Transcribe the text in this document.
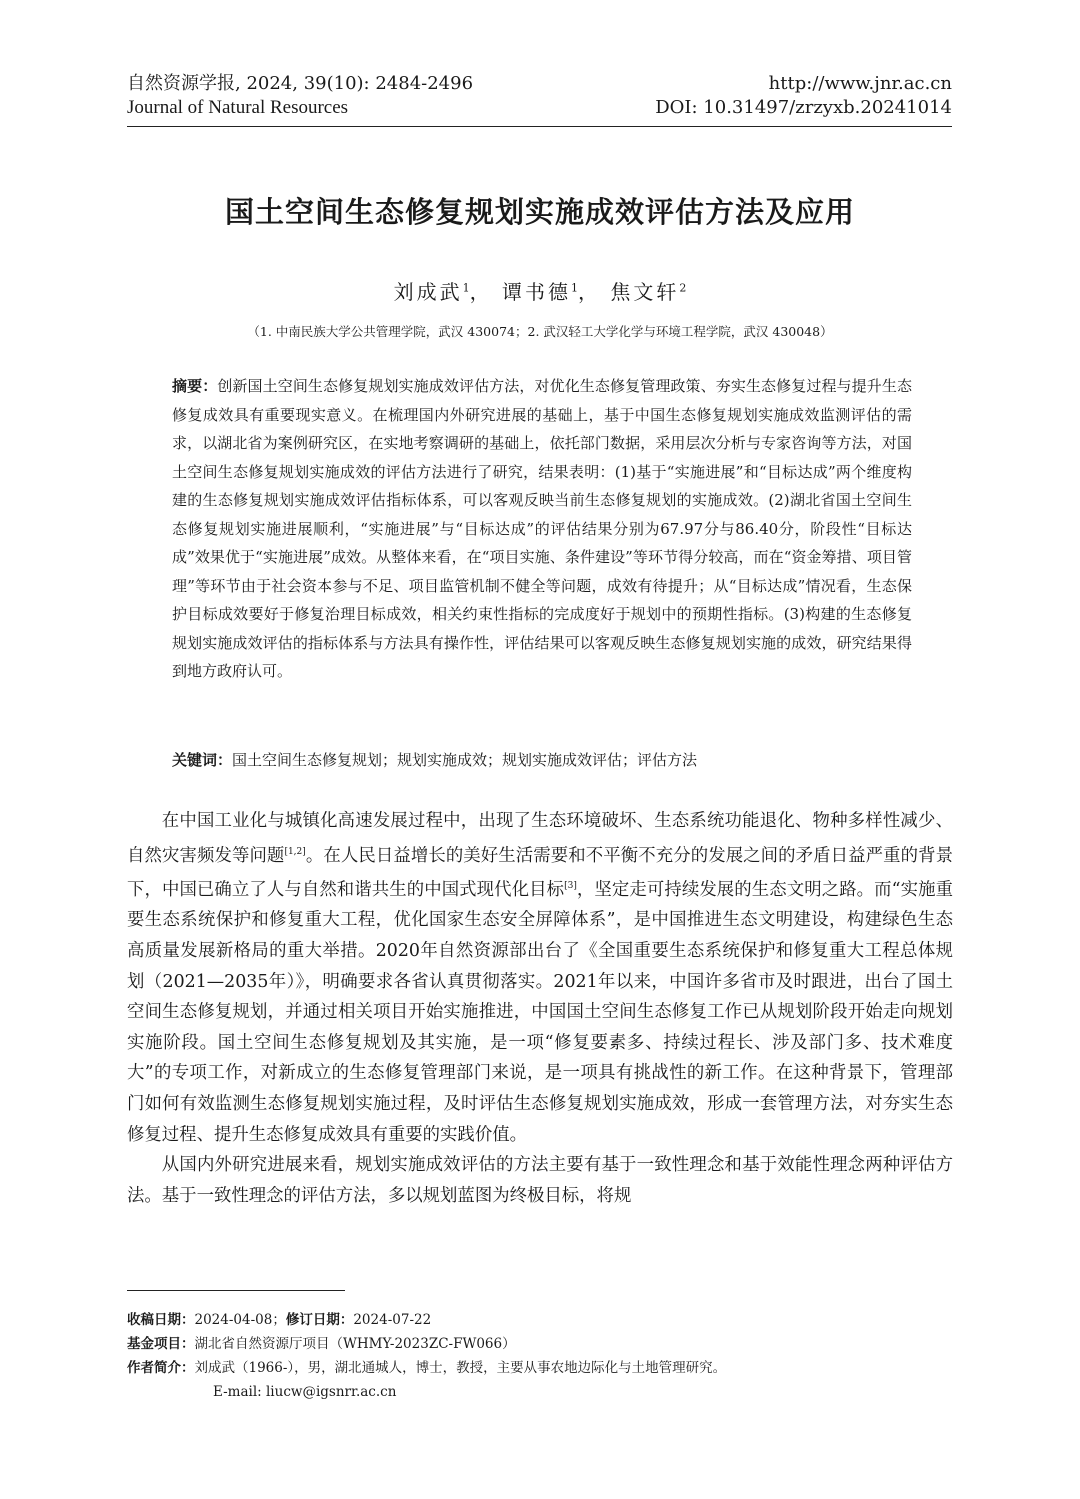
自然资源学报, 2024, 39(10): 2484-2496
Journal of Natural Resources
http://www.jnr.ac.cn
DOI: 10.31497/zrzyxb.20241014
国土空间生态修复规划实施成效评估方法及应用
刘成武$^1$， 谭书德$^1$， 焦文轩$^2$
（1. 中南民族大学公共管理学院，武汉 430074；2. 武汉轻工大学化学与环境工程学院，武汉 430048）
摘要：创新国土空间生态修复规划实施成效评估方法，对优化生态修复管理政策、夯实生态修复过程与提升生态修复成效具有重要现实意义。在梳理国内外研究进展的基础上，基于中国生态修复规划实施成效监测评估的需求，以湖北省为案例研究区，在实地考察调研的基础上，依托部门数据，采用层次分析与专家咨询等方法，对国土空间生态修复规划实施成效的评估方法进行了研究，结果表明：(1)基于“实施进展”和“目标达成”两个维度构建的生态修复规划实施成效评估指标体系，可以客观反映当前生态修复规划的实施成效。(2)湖北省国土空间生态修复规划实施进展顺利，“实施进展”与“目标达成”的评估结果分别为67.97分与86.40分，阶段性“目标达成”效果优于“实施进展”成效。从整体来看，在“项目实施、条件建设”等环节得分较高，而在“资金筹措、项目管理”等环节由于社会资本参与不足、项目监管机制不健全等问题，成效有待提升；从“目标达成”情况看，生态保护目标成效要好于修复治理目标成效，相关约束性指标的完成度好于规划中的预期性指标。(3)构建的生态修复规划实施成效评估的指标体系与方法具有操作性，评估结果可以客观反映生态修复规划实施的成效，研究结果得到地方政府认可。
关键词：国土空间生态修复规划；规划实施成效；规划实施成效评估；评估方法

在中国工业化与城镇化高速发展过程中，出现了生态环境破坏、生态系统功能退化、物种多样性减少、自然灾害频发等问题[1,2]。在人民日益增长的美好生活需要和不平衡不充分的发展之间的矛盾日益严重的背景下，中国已确立了人与自然和谐共生的中国式现代化目标[3]，坚定走可持续发展的生态文明之路。而“实施重要生态系统保护和修复重大工程，优化国家生态安全屏障体系”，是中国推进生态文明建设，构建绿色生态高质量发展新格局的重大举措。2020年自然资源部出台了《全国重要生态系统保护和修复重大工程总体规划（2021—2035年）》，明确要求各省认真贯彻落实。2021年以来，中国许多省市及时跟进，出台了国土空间生态修复规划，并通过相关项目开始实施推进，中国国土空间生态修复工作已从规划阶段开始走向规划实施阶段。国土空间生态修复规划及其实施，是一项“修复要素多、持续过程长、涉及部门多、技术难度大”的专项工作，对新成立的生态修复管理部门来说，是一项具有挑战性的新工作。在这种背景下，管理部门如何有效监测生态修复规划实施过程，及时评估生态修复规划实施成效，形成一套管理方法，对夯实生态修复过程、提升生态修复成效具有重要的实践价值。

从国内外研究进展来看，规划实施成效评估的方法主要有基于一致性理念和基于效能性理念两种评估方法。基于一致性理念的评估方法，多以规划蓝图为终极目标，将规

收稿日期：2024-04-08；修订日期：2024-07-22
基金项目：湖北省自然资源厅项目（WHMY-2023ZC-FW066）
作者简介：刘成武（1966-），男，湖北通城人，博士，教授，主要从事农地边际化与土地管理研究。
E-mail: liucw@igsnrr.ac.cn
